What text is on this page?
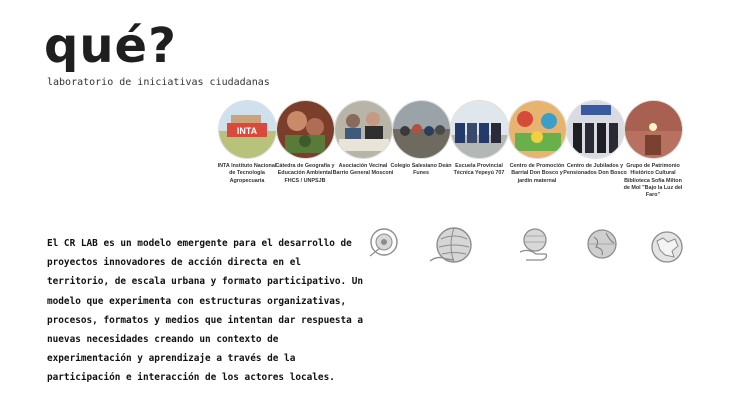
qué?
laboratorio de iniciativas ciudadanas
INTA
INTA Instituto Nacional de Tecnología Agropecuaria
Cátedra de Geografía y Educación Ambiental FHCS / UNPSJB
Asociación Vecinal Barrio General Mosconi
Colegio Salesiano Deán Funes
Escuela Provincial Técnica Yepeyú 707
Centro de Promoción Barrial Don Bosco y jardín maternal
Centro de Jubilados y Pensionados Don Bosco
Grupo de Patrimonio Histórico Cultural Biblioteca Sofía Milton de Mol "Bajo la Luz del Faro"
El CR LAB es un modelo emergente para el desarrollo de proyectos innovadores de acción directa en el territorio, de escala urbana y formato participativo. Un modelo que experimenta con estructuras organizativas, procesos, formatos y medios que intentan dar respuesta a nuevas necesidades creando un contexto de experimentación y aprendizaje a través de la participación e interacción de los actores locales.
